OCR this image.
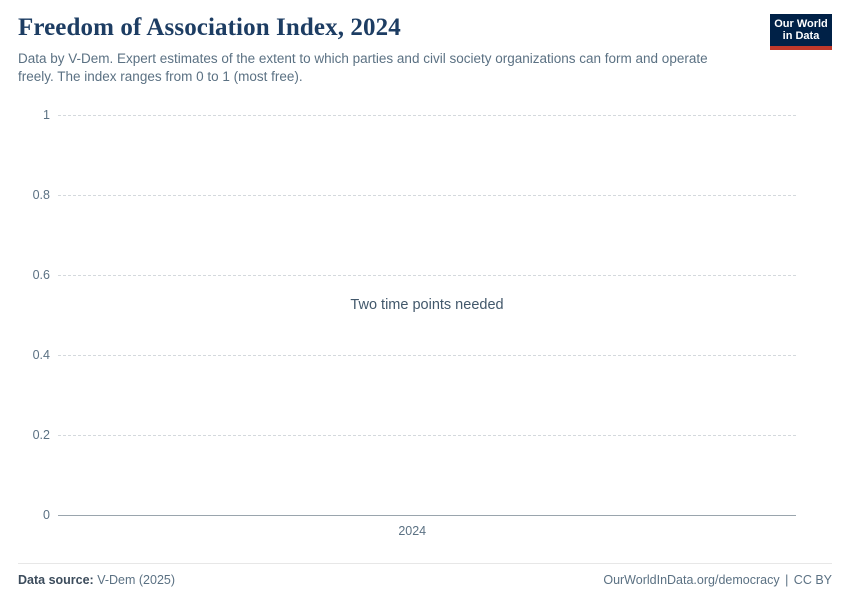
Freedom of Association Index, 2024

Data by V-Dem. Expert estimates of the extent to which parties and civil society organizations can form and operate freely. The index ranges from 0 to 1 (most free).

Our World
in Data
0
0.2
0.4
0.6
0.8
1
2024
Two time points needed
Data source: V-Dem (2025)	OurWorldInData.org/democracy | CC BY
